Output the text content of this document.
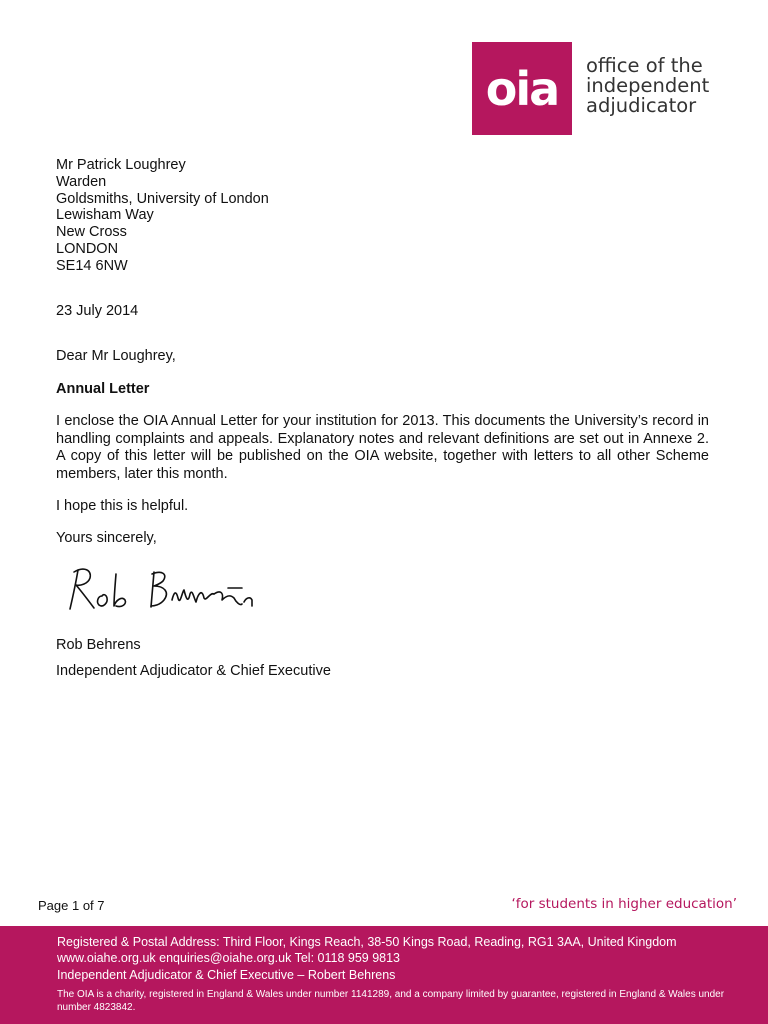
oia	office of the
independent
adjudicator
Mr Patrick Loughrey
Warden
Goldsmiths, University of London
Lewisham Way
New Cross
LONDON
SE14 6NW
23 July 2014
Dear Mr Loughrey,
Annual Letter

I enclose the OIA Annual Letter for your institution for 2013. This documents the University’s record in handling complaints and appeals. Explanatory notes and relevant definitions are set out in Annexe 2. A copy of this letter will be published on the OIA website, together with letters to all other Scheme members, later this month.

I hope this is helpful.
Yours sincerely,
Rob Behrens
Independent Adjudicator & Chief Executive
Page 1 of 7	‘for students in higher education’
Registered & Postal Address: Third Floor, Kings Reach, 38-50 Kings Road, Reading, RG1 3AA, United Kingdom
www.oiahe.org.uk enquiries@oiahe.org.uk Tel: 0118 959 9813
Independent Adjudicator & Chief Executive – Robert Behrens
The OIA is a charity, registered in England & Wales under number 1141289, and a company limited by guarantee, registered in England & Wales under number 4823842.
